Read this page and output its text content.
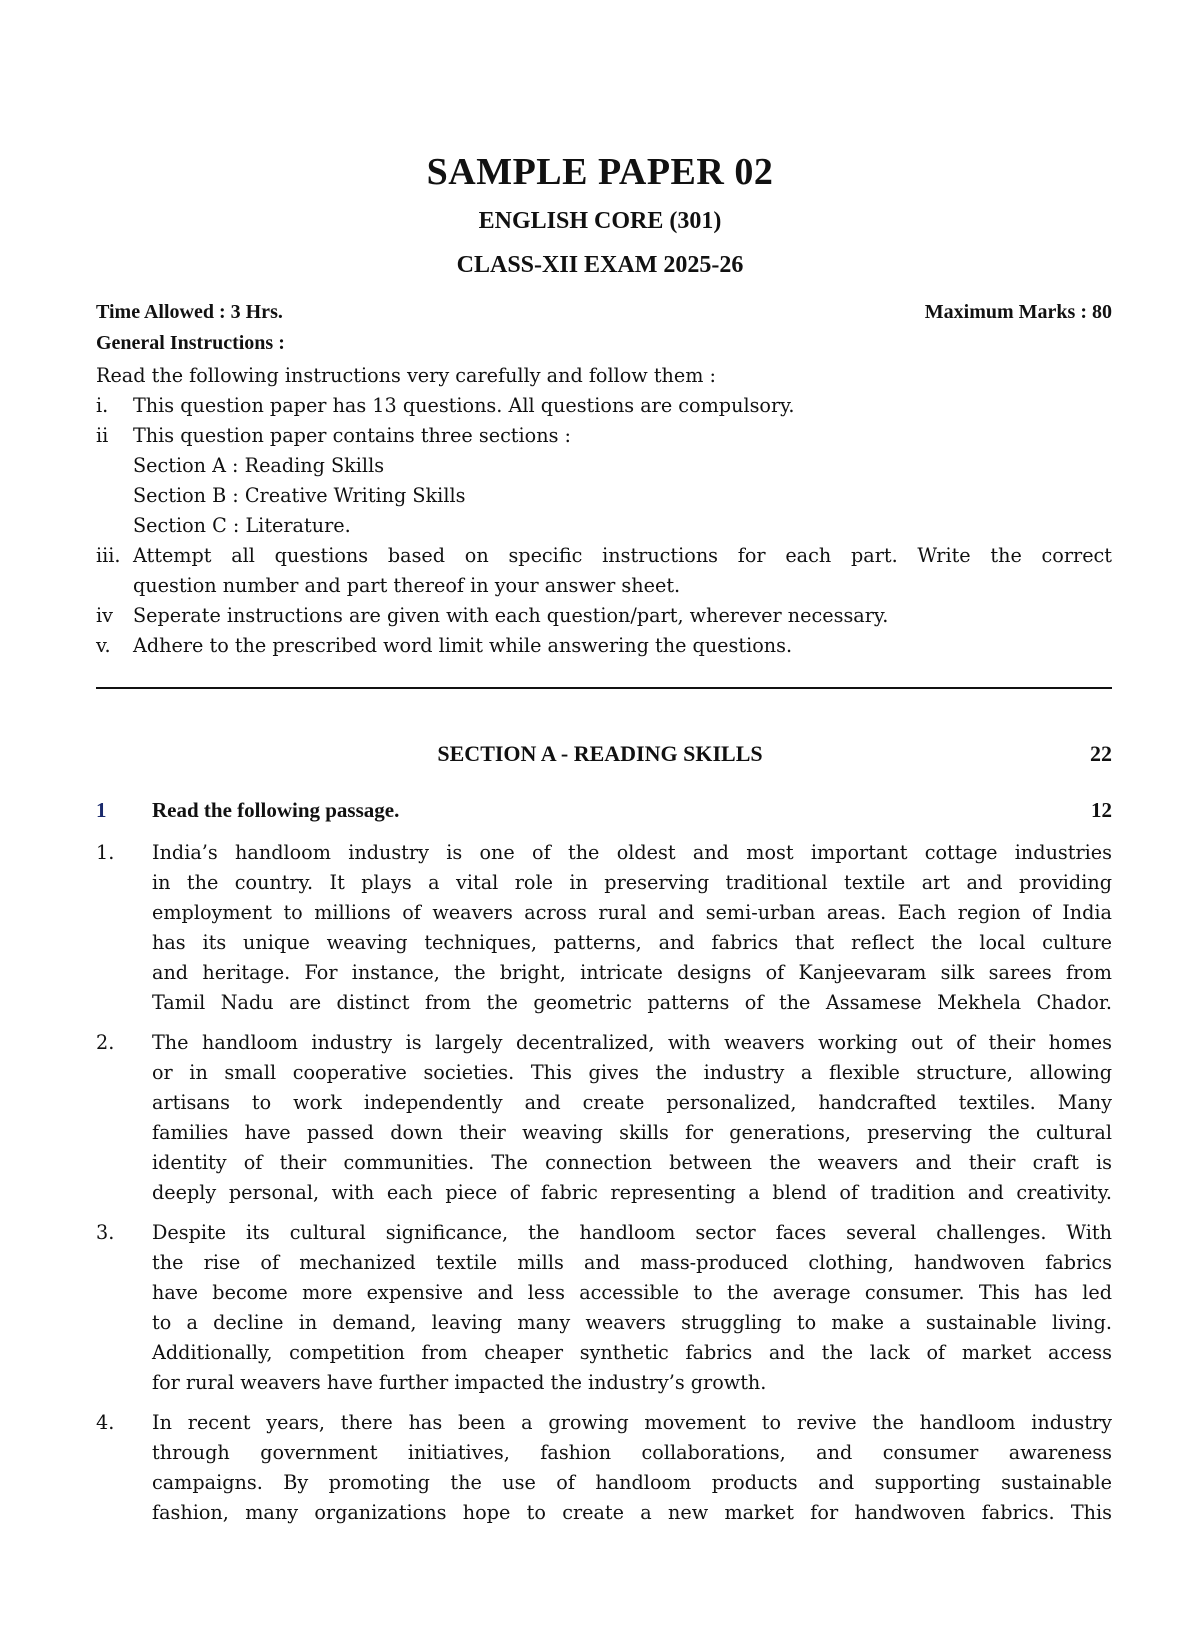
SAMPLE PAPER 02
ENGLISH CORE (301)
CLASS-XII EXAM 2025-26
Time Allowed : 3 Hrs.	Maximum Marks : 80
General Instructions :
Read the following instructions very carefully and follow them :
i.	This question paper has 13 questions. All questions are compulsory.
ii	This question paper contains three sections :
Section A : Reading Skills
Section B : Creative Writing Skills
Section C : Literature.
iii. Attempt all questions based on specific instructions for each part. Write the correct
question number and part thereof in your answer sheet.
iv	Seperate instructions are given with each question/part, wherever necessary.
v.	Adhere to the prescribed word limit while answering the questions.
SECTION A - READING SKILLS	22
1 Read the following passage.	12
1. India’s handloom industry is one of the oldest and most important cottage industries
in the country. It plays a vital role in preserving traditional textile art and providing
employment to millions of weavers across rural and semi-urban areas. Each region of India
has its unique weaving techniques, patterns, and fabrics that reflect the local culture
and heritage. For instance, the bright, intricate designs of Kanjeevaram silk sarees from
Tamil Nadu are distinct from the geometric patterns of the Assamese Mekhela Chador.
2. The handloom industry is largely decentralized, with weavers working out of their homes
or in small cooperative societies. This gives the industry a flexible structure, allowing
artisans to work independently and create personalized, handcrafted textiles. Many
families have passed down their weaving skills for generations, preserving the cultural
identity of their communities. The connection between the weavers and their craft is
deeply personal, with each piece of fabric representing a blend of tradition and creativity.
3. Despite its cultural significance, the handloom sector faces several challenges. With
the rise of mechanized textile mills and mass-produced clothing, handwoven fabrics
have become more expensive and less accessible to the average consumer. This has led
to a decline in demand, leaving many weavers struggling to make a sustainable living.
Additionally, competition from cheaper synthetic fabrics and the lack of market access
for rural weavers have further impacted the industry’s growth.
4. In recent years, there has been a growing movement to revive the handloom industry
through government initiatives, fashion collaborations, and consumer awareness
campaigns. By promoting the use of handloom products and supporting sustainable
fashion, many organizations hope to create a new market for handwoven fabrics. This
